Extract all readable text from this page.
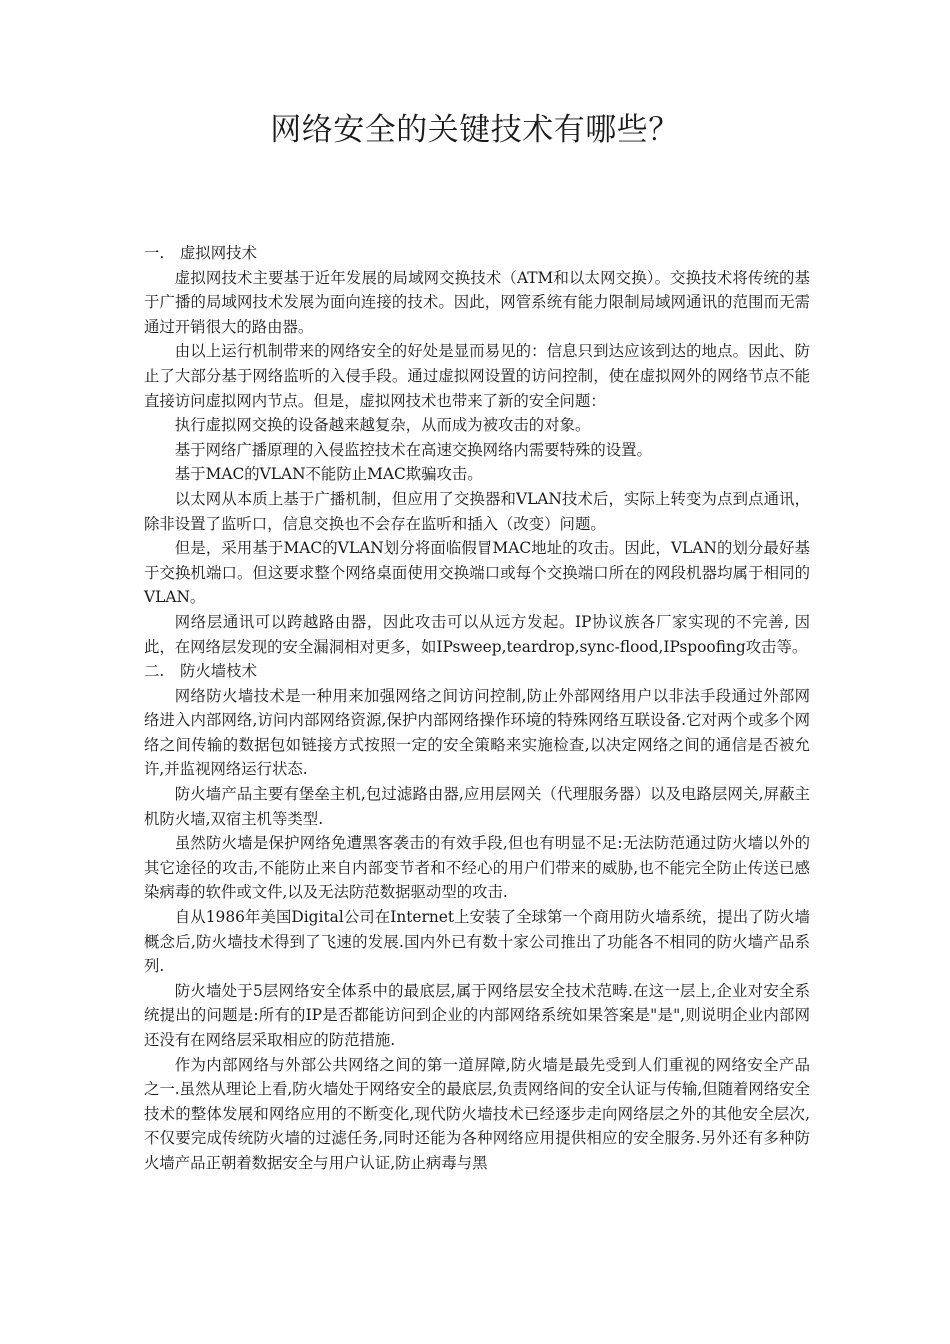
网络安全的关键技术有哪些？
一. 虚拟网技术

虚拟网技术主要基于近年发展的局域网交换技术（ATM和以太网交换）。交换技术将传统的基于广播的局域网技术发展为面向连接的技术。因此，网管系统有能力限制局域网通讯的范围而无需通过开销很大的路由器。

由以上运行机制带来的网络安全的好处是显而易见的：信息只到达应该到达的地点。因此、防止了大部分基于网络监听的入侵手段。通过虚拟网设置的访问控制，使在虚拟网外的网络节点不能直接访问虚拟网内节点。但是，虚拟网技术也带来了新的安全问题：

执行虚拟网交换的设备越来越复杂，从而成为被攻击的对象。

基于网络广播原理的入侵监控技术在高速交换网络内需要特殊的设置。

基于MAC的VLAN不能防止MAC欺骗攻击。

以太网从本质上基于广播机制，但应用了交换器和VLAN技术后，实际上转变为点到点通讯，除非设置了监听口，信息交换也不会存在监听和插入（改变）问题。

但是，采用基于MAC的VLAN划分将面临假冒MAC地址的攻击。因此，VLAN的划分最好基于交换机端口。但这要求整个网络桌面使用交换端口或每个交换端口所在的网段机器均属于相同的VLAN。

网络层通讯可以跨越路由器，因此攻击可以从远方发起。IP协议族各厂家实现的不完善, 因此，在网络层发现的安全漏洞相对更多，如IPsweep,teardrop,sync-flood,IPspoofing攻击等。

二. 防火墙枝术

网络防火墙技术是一种用来加强网络之间访问控制,防止外部网络用户以非法手段通过外部网络进入内部网络,访问内部网络资源,保护内部网络操作环境的特殊网络互联设备.它对两个或多个网络之间传输的数据包如链接方式按照一定的安全策略来实施检查,以决定网络之间的通信是否被允许,并监视网络运行状态.

防火墙产品主要有堡垒主机,包过滤路由器,应用层网关（代理服务器）以及电路层网关,屏蔽主机防火墙,双宿主机等类型.

虽然防火墙是保护网络免遭黑客袭击的有效手段,但也有明显不足:无法防范通过防火墙以外的其它途径的攻击,不能防止来自内部变节者和不经心的用户们带来的威胁,也不能完全防止传送已感染病毒的软件或文件,以及无法防范数据驱动型的攻击.

自从1986年美国Digital公司在Internet上安装了全球第一个商用防火墙系统，提出了防火墙概念后,防火墙技术得到了飞速的发展.国内外已有数十家公司推出了功能各不相同的防火墙产品系列.

防火墙处于5层网络安全体系中的最底层,属于网络层安全技术范畴.在这一层上,企业对安全系统提出的问题是:所有的IP是否都能访问到企业的内部网络系统如果答案是"是",则说明企业内部网还没有在网络层采取相应的防范措施.

作为内部网络与外部公共网络之间的第一道屏障,防火墙是最先受到人们重视的网络安全产品之一.虽然从理论上看,防火墙处于网络安全的最底层,负责网络间的安全认证与传输,但随着网络安全技术的整体发展和网络应用的不断变化,现代防火墙技术已经逐步走向网络层之外的其他安全层次,不仅要完成传统防火墙的过滤任务,同时还能为各种网络应用提供相应的安全服务.另外还有多种防火墙产品正朝着数据安全与用户认证,防止病毒与黑
